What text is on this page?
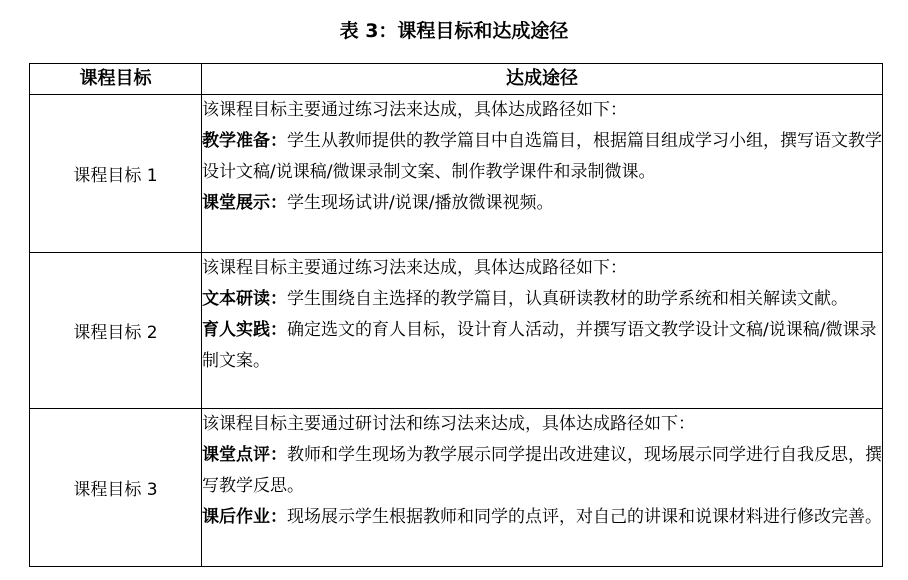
表 3：课程目标和达成途径
课程目标	达成途径
课程目标 1	该课程目标主要通过练习法来达成，具体达成路径如下：
教学准备：学生从教师提供的教学篇目中自选篇目，根据篇目组成学习小组，撰写语文教学设计文稿/说课稿/微课录制文案、制作教学课件和录制微课。
课堂展示：学生现场试讲/说课/播放微课视频。

课程目标 2	该课程目标主要通过练习法来达成，具体达成路径如下：
文本研读：学生围绕自主选择的教学篇目，认真研读教材的助学系统和相关解读文献。
育人实践：确定选文的育人目标，设计育人活动，并撰写语文教学设计文稿/说课稿/微课录制文案。

课程目标 3	该课程目标主要通过研讨法和练习法来达成，具体达成路径如下：
课堂点评：教师和学生现场为教学展示同学提出改进建议，现场展示同学进行自我反思，撰写教学反思。
课后作业：现场展示学生根据教师和同学的点评，对自己的讲课和说课材料进行修改完善。
